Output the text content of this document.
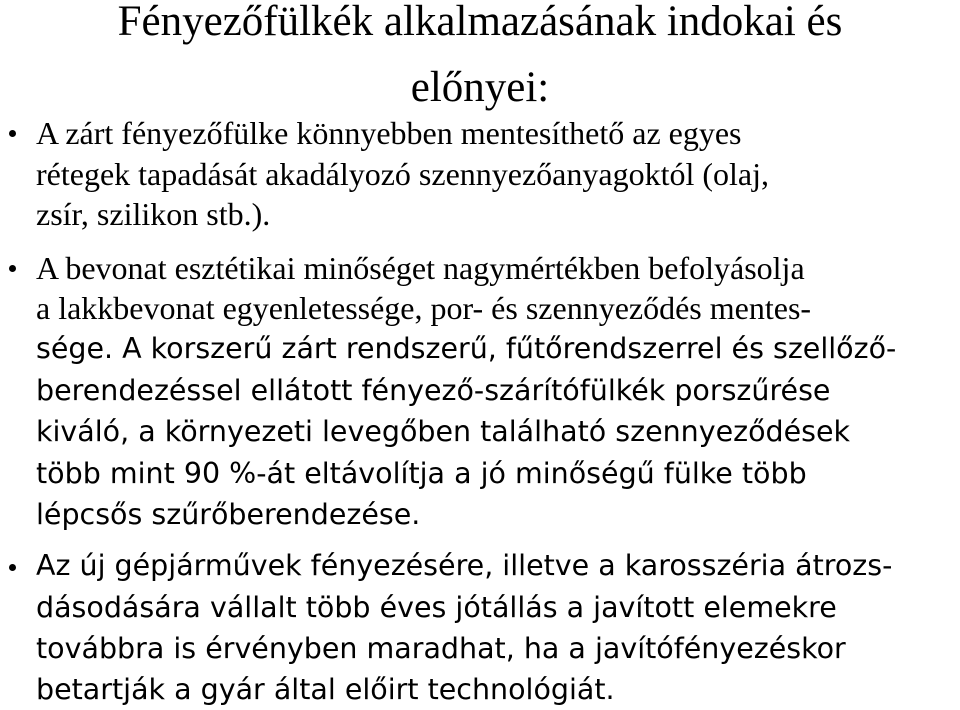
Fényezőfülkék alkalmazásának indokai és
előnyei:
A zárt fényezőfülke könnyebben mentesíthető az egyes
rétegek tapadását akadályozó szennyezőanyagoktól (olaj,
zsír, szilikon stb.).
A bevonat esztétikai minőséget nagymértékben befolyásolja
a lakkbevonat egyenletessége, por- és szennyeződés mentes-
sége. A korszerű zárt rendszerű, fűtőrendszerrel és szellőző-
berendezéssel ellátott fényező-szárítófülkék porszűrése
kiváló, a környezeti levegőben található szennyeződések
több mint 90 %-át eltávolítja a jó minőségű fülke több
lépcsős szűrőberendezése.
Az új gépjárművek fényezésére, illetve a karosszéria átrozs-
dásodására vállalt több éves jótállás a javított elemekre
továbbra is érvényben maradhat, ha a javítófényezéskor
betartják a gyár által előirt technológiát.
